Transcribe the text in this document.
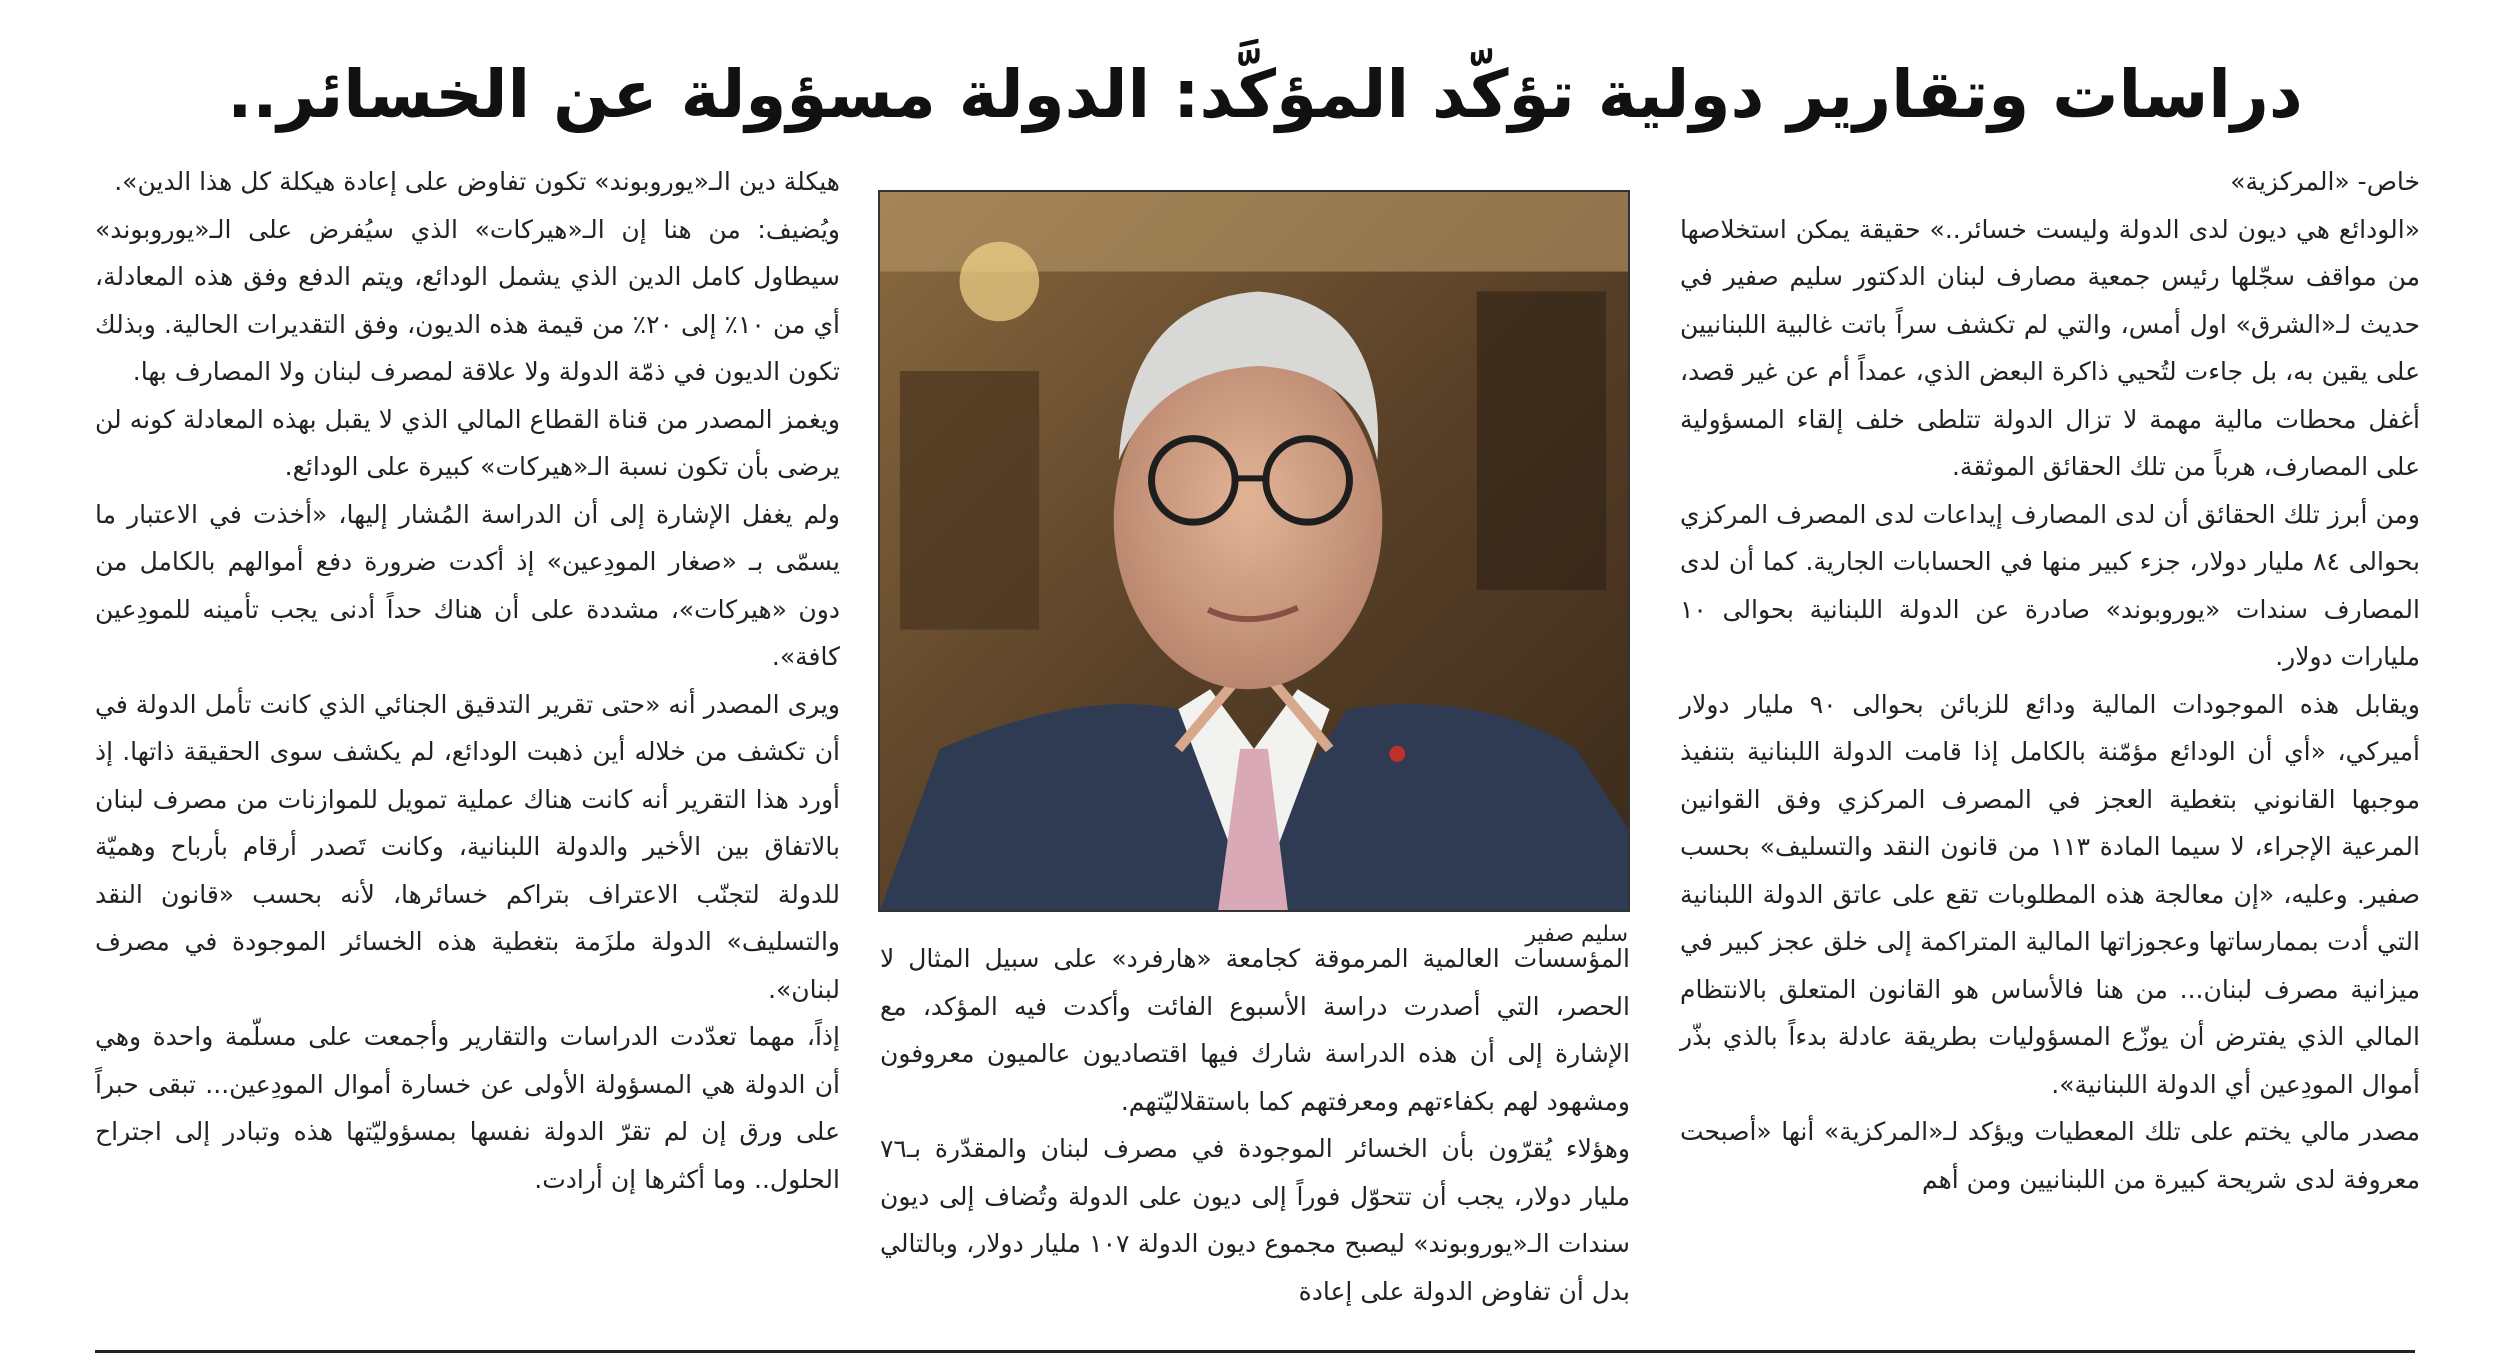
دراسات وتقارير دولية تؤكّد المؤكَّد: الدولة مسؤولة عن الخسائر..

خاص- «المركزية»

«الودائع هي ديون لدى الدولة وليست خسائر..» حقيقة يمكن استخلاصها من مواقف سجّلها رئيس جمعية مصارف لبنان الدكتور سليم صفير في حديث لـ«الشرق» اول أمس، والتي لم تكشف سراً باتت غالبية اللبنانيين على يقين به، بل جاءت لتُحيي ذاكرة البعض الذي، عمداً أم عن غير قصد، أغفل محطات مالية مهمة لا تزال الدولة تتلطى خلف إلقاء المسؤولية على المصارف، هرباً من تلك الحقائق الموثقة.

ومن أبرز تلك الحقائق أن لدى المصارف إيداعات لدى المصرف المركزي بحوالى ٨٤ مليار دولار، جزء كبير منها في الحسابات الجارية. كما أن لدى المصارف سندات «يوروبوند» صادرة عن الدولة اللبنانية بحوالى ١٠ مليارات دولار.

ويقابل هذه الموجودات المالية ودائع للزبائن بحوالى ٩٠ مليار دولار أميركي، «أي أن الودائع مؤمّنة بالكامل إذا قامت الدولة اللبنانية بتنفيذ موجبها القانوني بتغطية العجز في المصرف المركزي وفق القوانين المرعية الإجراء، لا سيما المادة ١١٣ من قانون النقد والتسليف» بحسب صفير. وعليه، «إن معالجة هذه المطلوبات تقع على عاتق الدولة اللبنانية التي أدت بممارساتها وعجوزاتها المالية المتراكمة إلى خلق عجز كبير في ميزانية مصرف لبنان... من هنا فالأساس هو القانون المتعلق بالانتظام المالي الذي يفترض أن يوزّع المسؤوليات بطريقة عادلة بدءاً بالذي بذّر أموال المودِعين أي الدولة اللبنانية».

مصدر مالي يختم على تلك المعطيات ويؤكد لـ«المركزية» أنها «أصبحت معروفة لدى شريحة كبيرة من اللبنانيين ومن أهم

سليم صفير

المؤسسات العالمية المرموقة كجامعة «هارفرد» على سبيل المثال لا الحصر، التي أصدرت دراسة الأسبوع الفائت وأكدت فيه المؤكد، مع الإشارة إلى أن هذه الدراسة شارك فيها اقتصاديون عالميون معروفون ومشهود لهم بكفاءتهم ومعرفتهم كما باستقلاليّتهم.

وهؤلاء يُقرّون بأن الخسائر الموجودة في مصرف لبنان والمقدّرة بـ٧٦ مليار دولار، يجب أن تتحوّل فوراً إلى ديون على الدولة وتُضاف إلى ديون سندات الـ«يوروبوند» ليصبح مجموع ديون الدولة ١٠٧ مليار دولار، وبالتالي بدل أن تفاوض الدولة على إعادة

هيكلة دين الـ«يوروبوند» تكون تفاوض على إعادة هيكلة كل هذا الدين».

ويُضيف: من هنا إن الـ«هيركات» الذي سيُفرض على الـ«يوروبوند» سيطاول كامل الدين الذي يشمل الودائع، ويتم الدفع وفق هذه المعادلة، أي من ١٠٪ إلى ٢٠٪ من قيمة هذه الديون، وفق التقديرات الحالية. وبذلك تكون الديون في ذمّة الدولة ولا علاقة لمصرف لبنان ولا المصارف بها.

ويغمز المصدر من قناة القطاع المالي الذي لا يقبل بهذه المعادلة كونه لن يرضى بأن تكون نسبة الـ«هيركات» كبيرة على الودائع.

ولم يغفل الإشارة إلى أن الدراسة المُشار إليها، «أخذت في الاعتبار ما يسمّى بـ «صغار المودِعين» إذ أكدت ضرورة دفع أموالهم بالكامل من دون «هيركات»، مشددة على أن هناك حداً أدنى يجب تأمينه للمودِعين كافة».

ويرى المصدر أنه «حتى تقرير التدقيق الجنائي الذي كانت تأمل الدولة في أن تكشف من خلاله أين ذهبت الودائع، لم يكشف سوى الحقيقة ذاتها. إذ أورد هذا التقرير أنه كانت هناك عملية تمويل للموازنات من مصرف لبنان بالاتفاق بين الأخير والدولة اللبنانية، وكانت تَصدر أرقام بأرباح وهميّة للدولة لتجنّب الاعتراف بتراكم خسائرها، لأنه بحسب «قانون النقد والتسليف» الدولة ملزَمة بتغطية هذه الخسائر الموجودة في مصرف لبنان».

إذاً، مهما تعدّدت الدراسات والتقارير وأجمعت على مسلّمة واحدة وهي أن الدولة هي المسؤولة الأولى عن خسارة أموال المودِعين... تبقى حبراً على ورق إن لم تقرّ الدولة نفسها بمسؤوليّتها هذه وتبادر إلى اجتراح الحلول.. وما أكثرها إن أرادت.
